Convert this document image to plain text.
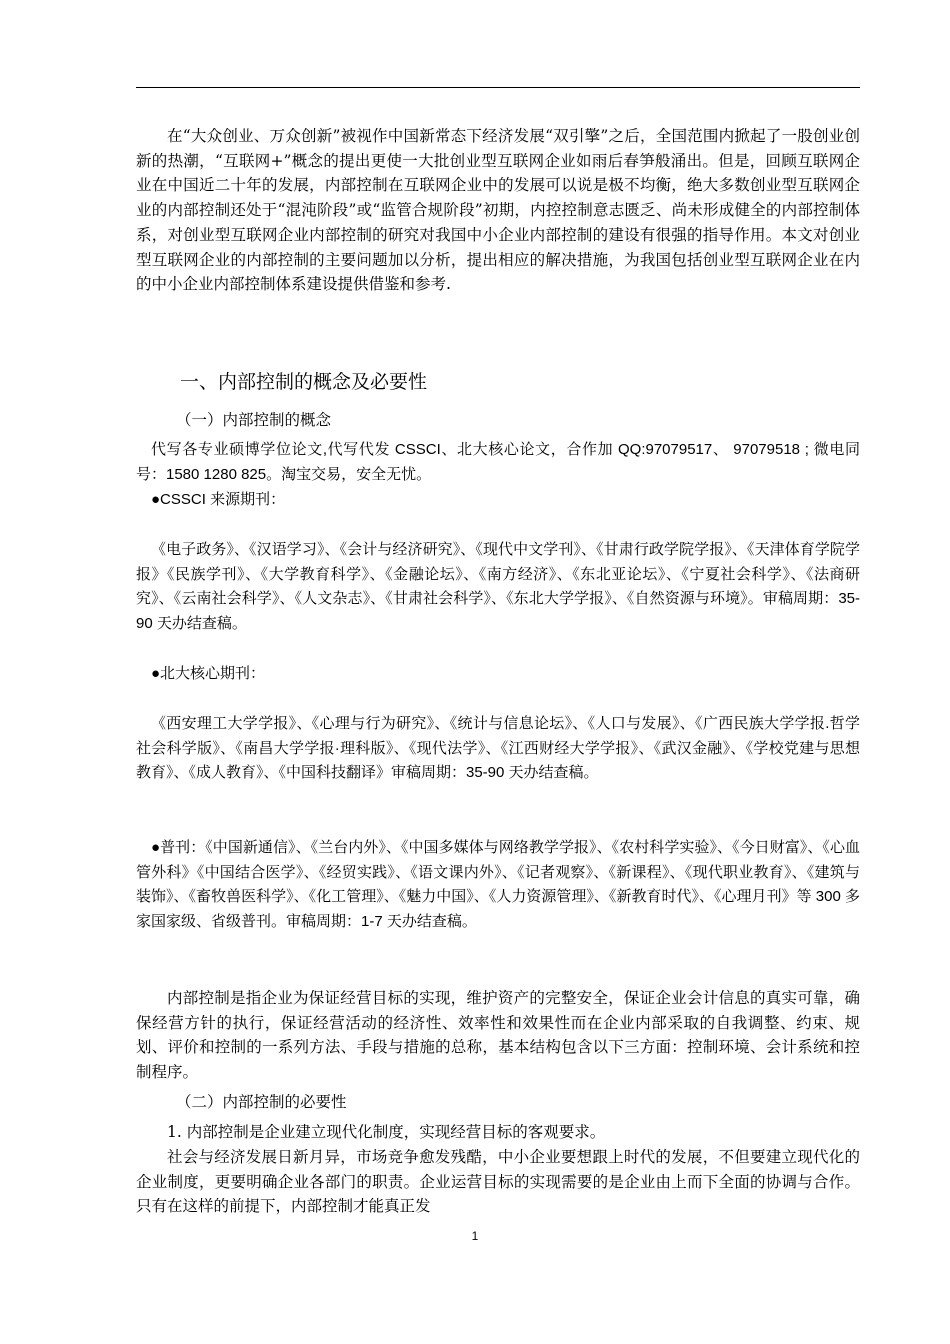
在“大众创业、万众创新”被视作中国新常态下经济发展“双引擎”之后，全国范围内掀起了一股创业创新的热潮，“互联网+”概念的提出更使一大批创业型互联网企业如雨后春笋般涌出。但是，回顾互联网企业在中国近二十年的发展，内部控制在互联网企业中的发展可以说是极不均衡，绝大多数创业型互联网企业的内部控制还处于“混沌阶段”或“监管合规阶段”初期，内控控制意志匮乏、尚未形成健全的内部控制体系，对创业型互联网企业内部控制的研究对我国中小企业内部控制的建设有很强的指导作用。本文对创业型互联网企业的内部控制的主要问题加以分析，提出相应的解决措施，为我国包括创业型互联网企业在内的中小企业内部控制体系建设提供借鉴和参考.

一、内部控制的概念及必要性

（一）内部控制的概念

代写各专业硕博学位论文,代写代发 CSSCI、北大核心论文，合作加 QQ:97079517、 97079518 ; 微电同号：1580 1280 825。淘宝交易，安全无忧。

●CSSCI 来源期刊：

《电子政务》、《汉语学习》、《会计与经济研究》、《现代中文学刊》、《甘肃行政学院学报》、《天津体育学院学报》《民族学刊》、《大学教育科学》、《金融论坛》、《南方经济》、《东北亚论坛》、《宁夏社会科学》、《法商研究》、《云南社会科学》、《人文杂志》、《甘肃社会科学》、《东北大学学报》、《自然资源与环境》。审稿周期：35-90 天办结查稿。

●北大核心期刊：

《西安理工大学学报》、《心理与行为研究》、《统计与信息论坛》、《人口与发展》、《广西民族大学学报.哲学社会科学版》、《南昌大学学报·理科版》、《现代法学》、《江西财经大学学报》、《武汉金融》、《学校党建与思想教育》、《成人教育》、《中国科技翻译》审稿周期：35-90 天办结查稿。

●普刊：《中国新通信》、《兰台内外》、《中国多媒体与网络教学学报》、《农村科学实验》、《今日财富》、《心血管外科》《中国结合医学》、《经贸实践》、《语文课内外》、《记者观察》、《新课程》、《现代职业教育》、《建筑与装饰》、《畜牧兽医科学》、《化工管理》、《魅力中国》、《人力资源管理》、《新教育时代》、《心理月刊》等 300 多家国家级、省级普刊。审稿周期：1-7 天办结查稿。

内部控制是指企业为保证经营目标的实现，维护资产的完整安全，保证企业会计信息的真实可靠，确保经营方针的执行，保证经营活动的经济性、效率性和效果性而在企业内部采取的自我调整、约束、规划、评价和控制的一系列方法、手段与措施的总称，基本结构包含以下三方面：控制环境、会计系统和控制程序。

（二）内部控制的必要性

1. 内部控制是企业建立现代化制度，实现经营目标的客观要求。

社会与经济发展日新月异，市场竞争愈发残酷，中小企业要想跟上时代的发展，不但要建立现代化的企业制度，更要明确企业各部门的职责。企业运营目标的实现需要的是企业由上而下全面的协调与合作。只有在这样的前提下，内部控制才能真正发

1
